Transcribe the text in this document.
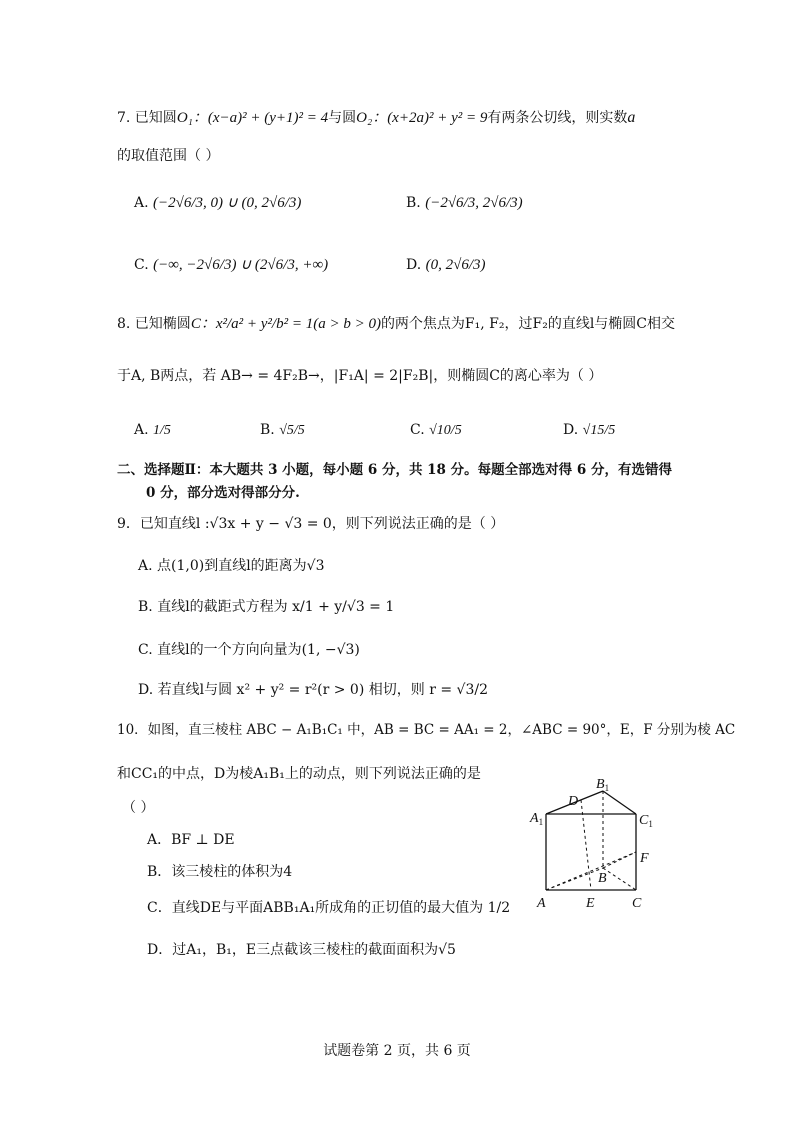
7. 已知圆O₁：(x−a)² + (y+1)² = 4与圆O₂：(x+2a)² + y² = 9有两条公切线，则实数a
的取值范围（ ）
A. (−2√6/3, 0) ∪ (0, 2√6/3)	B. (−2√6/3, 2√6/3)
C. (−∞, −2√6/3) ∪ (2√6/3, +∞)	D. (0, 2√6/3)
8. 已知椭圆C：x²/a² + y²/b² = 1(a > b > 0)的两个焦点为F₁, F₂，过F₂的直线l与椭圆C相交
于A, B两点，若 AB→ = 4F₂B→，|F₁A| = 2|F₂B|，则椭圆C的离心率为（ ）
A. 1/5	B. √5/5	C. √10/5	D. √15/5
二、选择题Ⅱ：本大题共 3 小题，每小题 6 分，共 18 分。每题全部选对得 6 分，有选错得
0 分，部分选对得部分分.
9．已知直线l :√3x + y − √3 = 0，则下列说法正确的是（ ）
A. 点(1,0)到直线l的距离为√3
B. 直线l的截距式方程为 x/1 + y/√3 = 1
C. 直线l的一个方向向量为(1, −√3)
D. 若直线l与圆 x² + y² = r²(r > 0) 相切，则 r = √3/2
10．如图，直三棱柱 ABC − A₁B₁C₁ 中，AB = BC = AA₁ = 2，∠ABC = 90°，E，F 分别为棱 AC
和CC₁的中点，D为棱A₁B₁上的动点，则下列说法正确的是
（ ）
A．BF ⊥ DE
B．该三棱柱的体积为4
C．直线DE与平面ABB₁A₁所成角的正切值的最大值为 1/2
D．过A₁，B₁，E三点截该三棱柱的截面面积为√5
D
$B_1$
$A_1$	$C_1$
F
B
A	E	C
试题卷第 2 页，共 6 页
